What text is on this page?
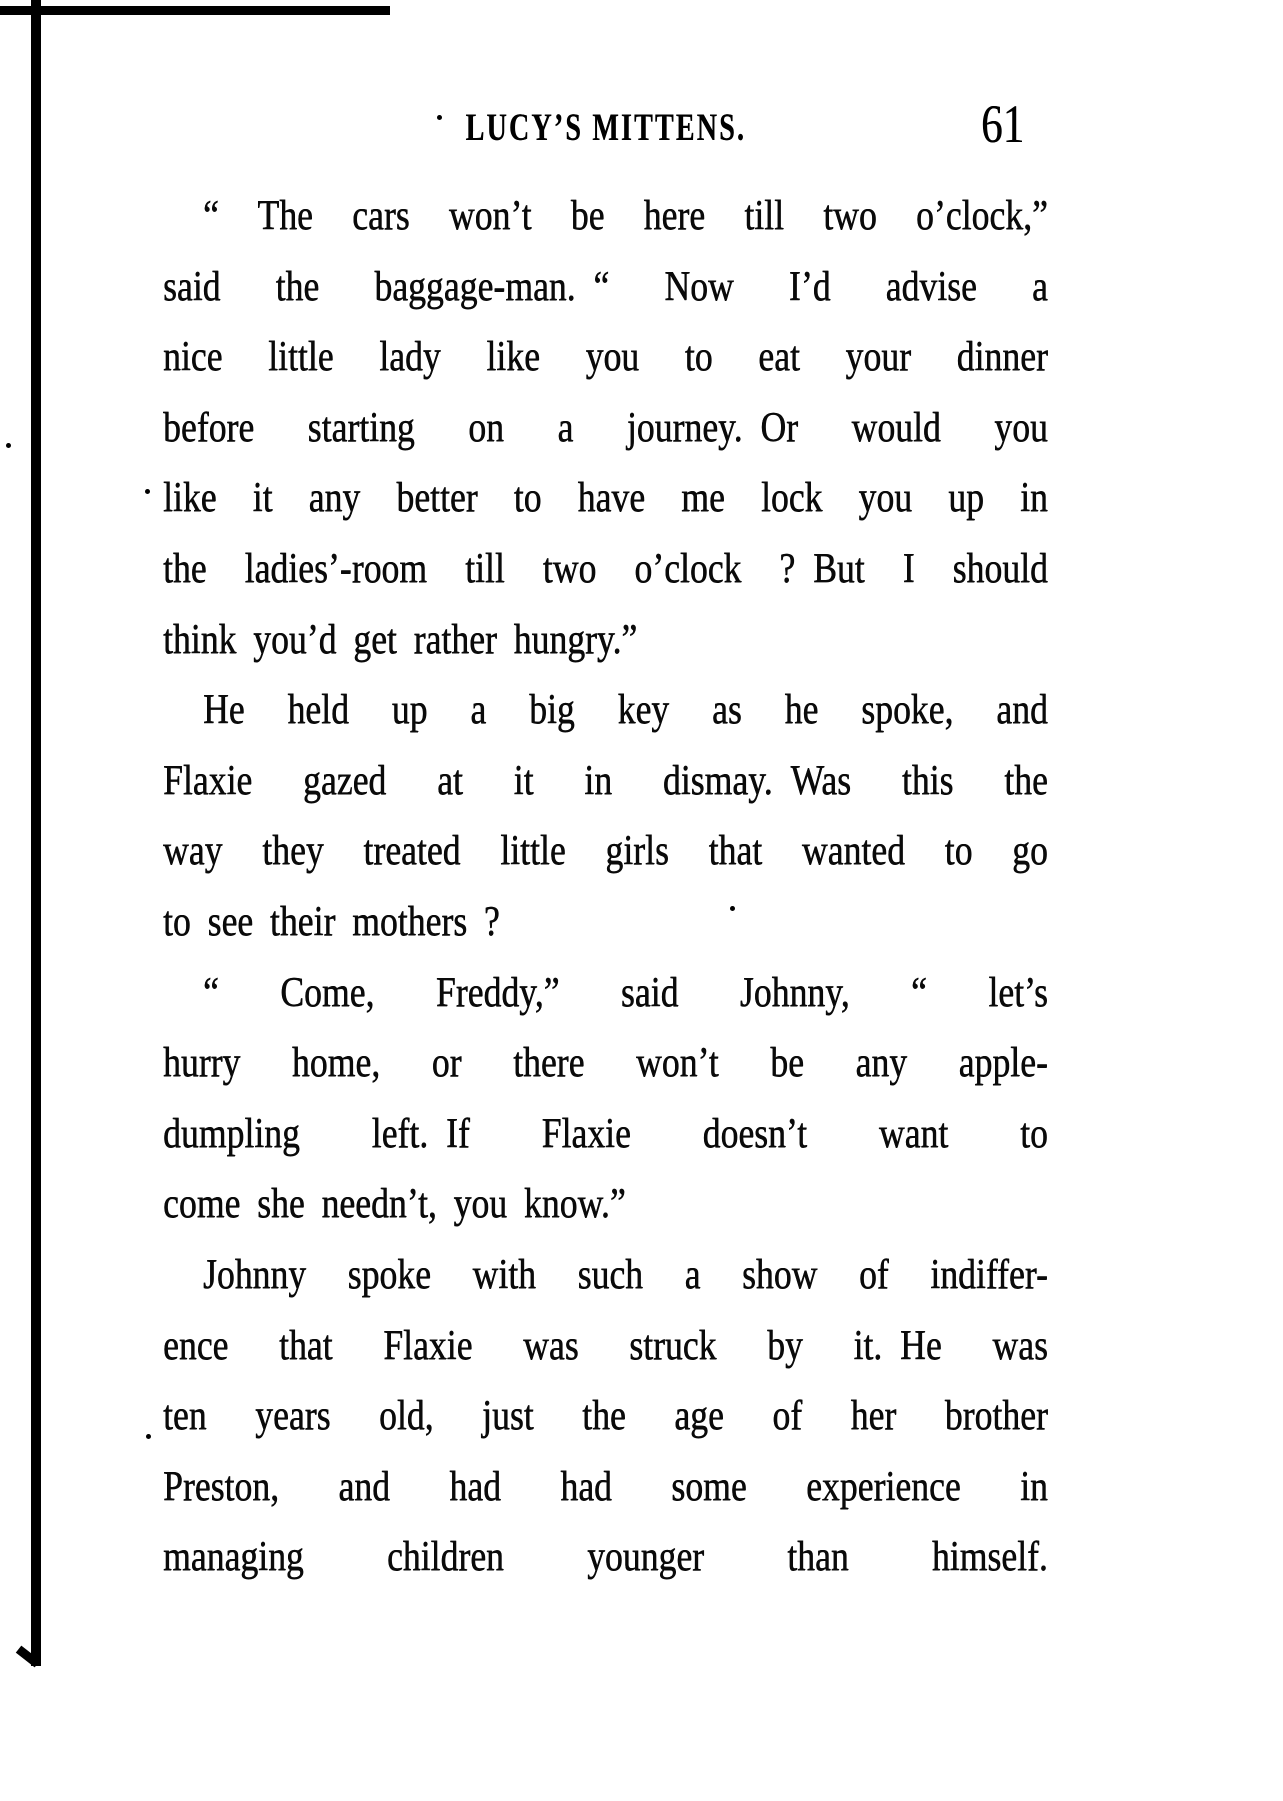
LUCY’S MITTENS.	61
“ The cars won’t be here till two o’clock,”
said the baggage-man. “ Now I’d advise a
nice little lady like you to eat your dinner
before starting on a journey. Or would you
like it any better to have me lock you up in
the ladies’-room till two o’clock ? But I should
think you’d get rather hungry.”
He held up a big key as he spoke, and
Flaxie gazed at it in dismay. Was this the
way they treated little girls that wanted to go
to see their mothers ?
“ Come, Freddy,” said Johnny, “ let’s
hurry home, or there won’t be any apple-
dumpling left. If Flaxie doesn’t want to
come she needn’t, you know.”
Johnny spoke with such a show of indiffer-
ence that Flaxie was struck by it. He was
ten years old, just the age of her brother
Preston, and had had some experience in
managing children younger than himself.
